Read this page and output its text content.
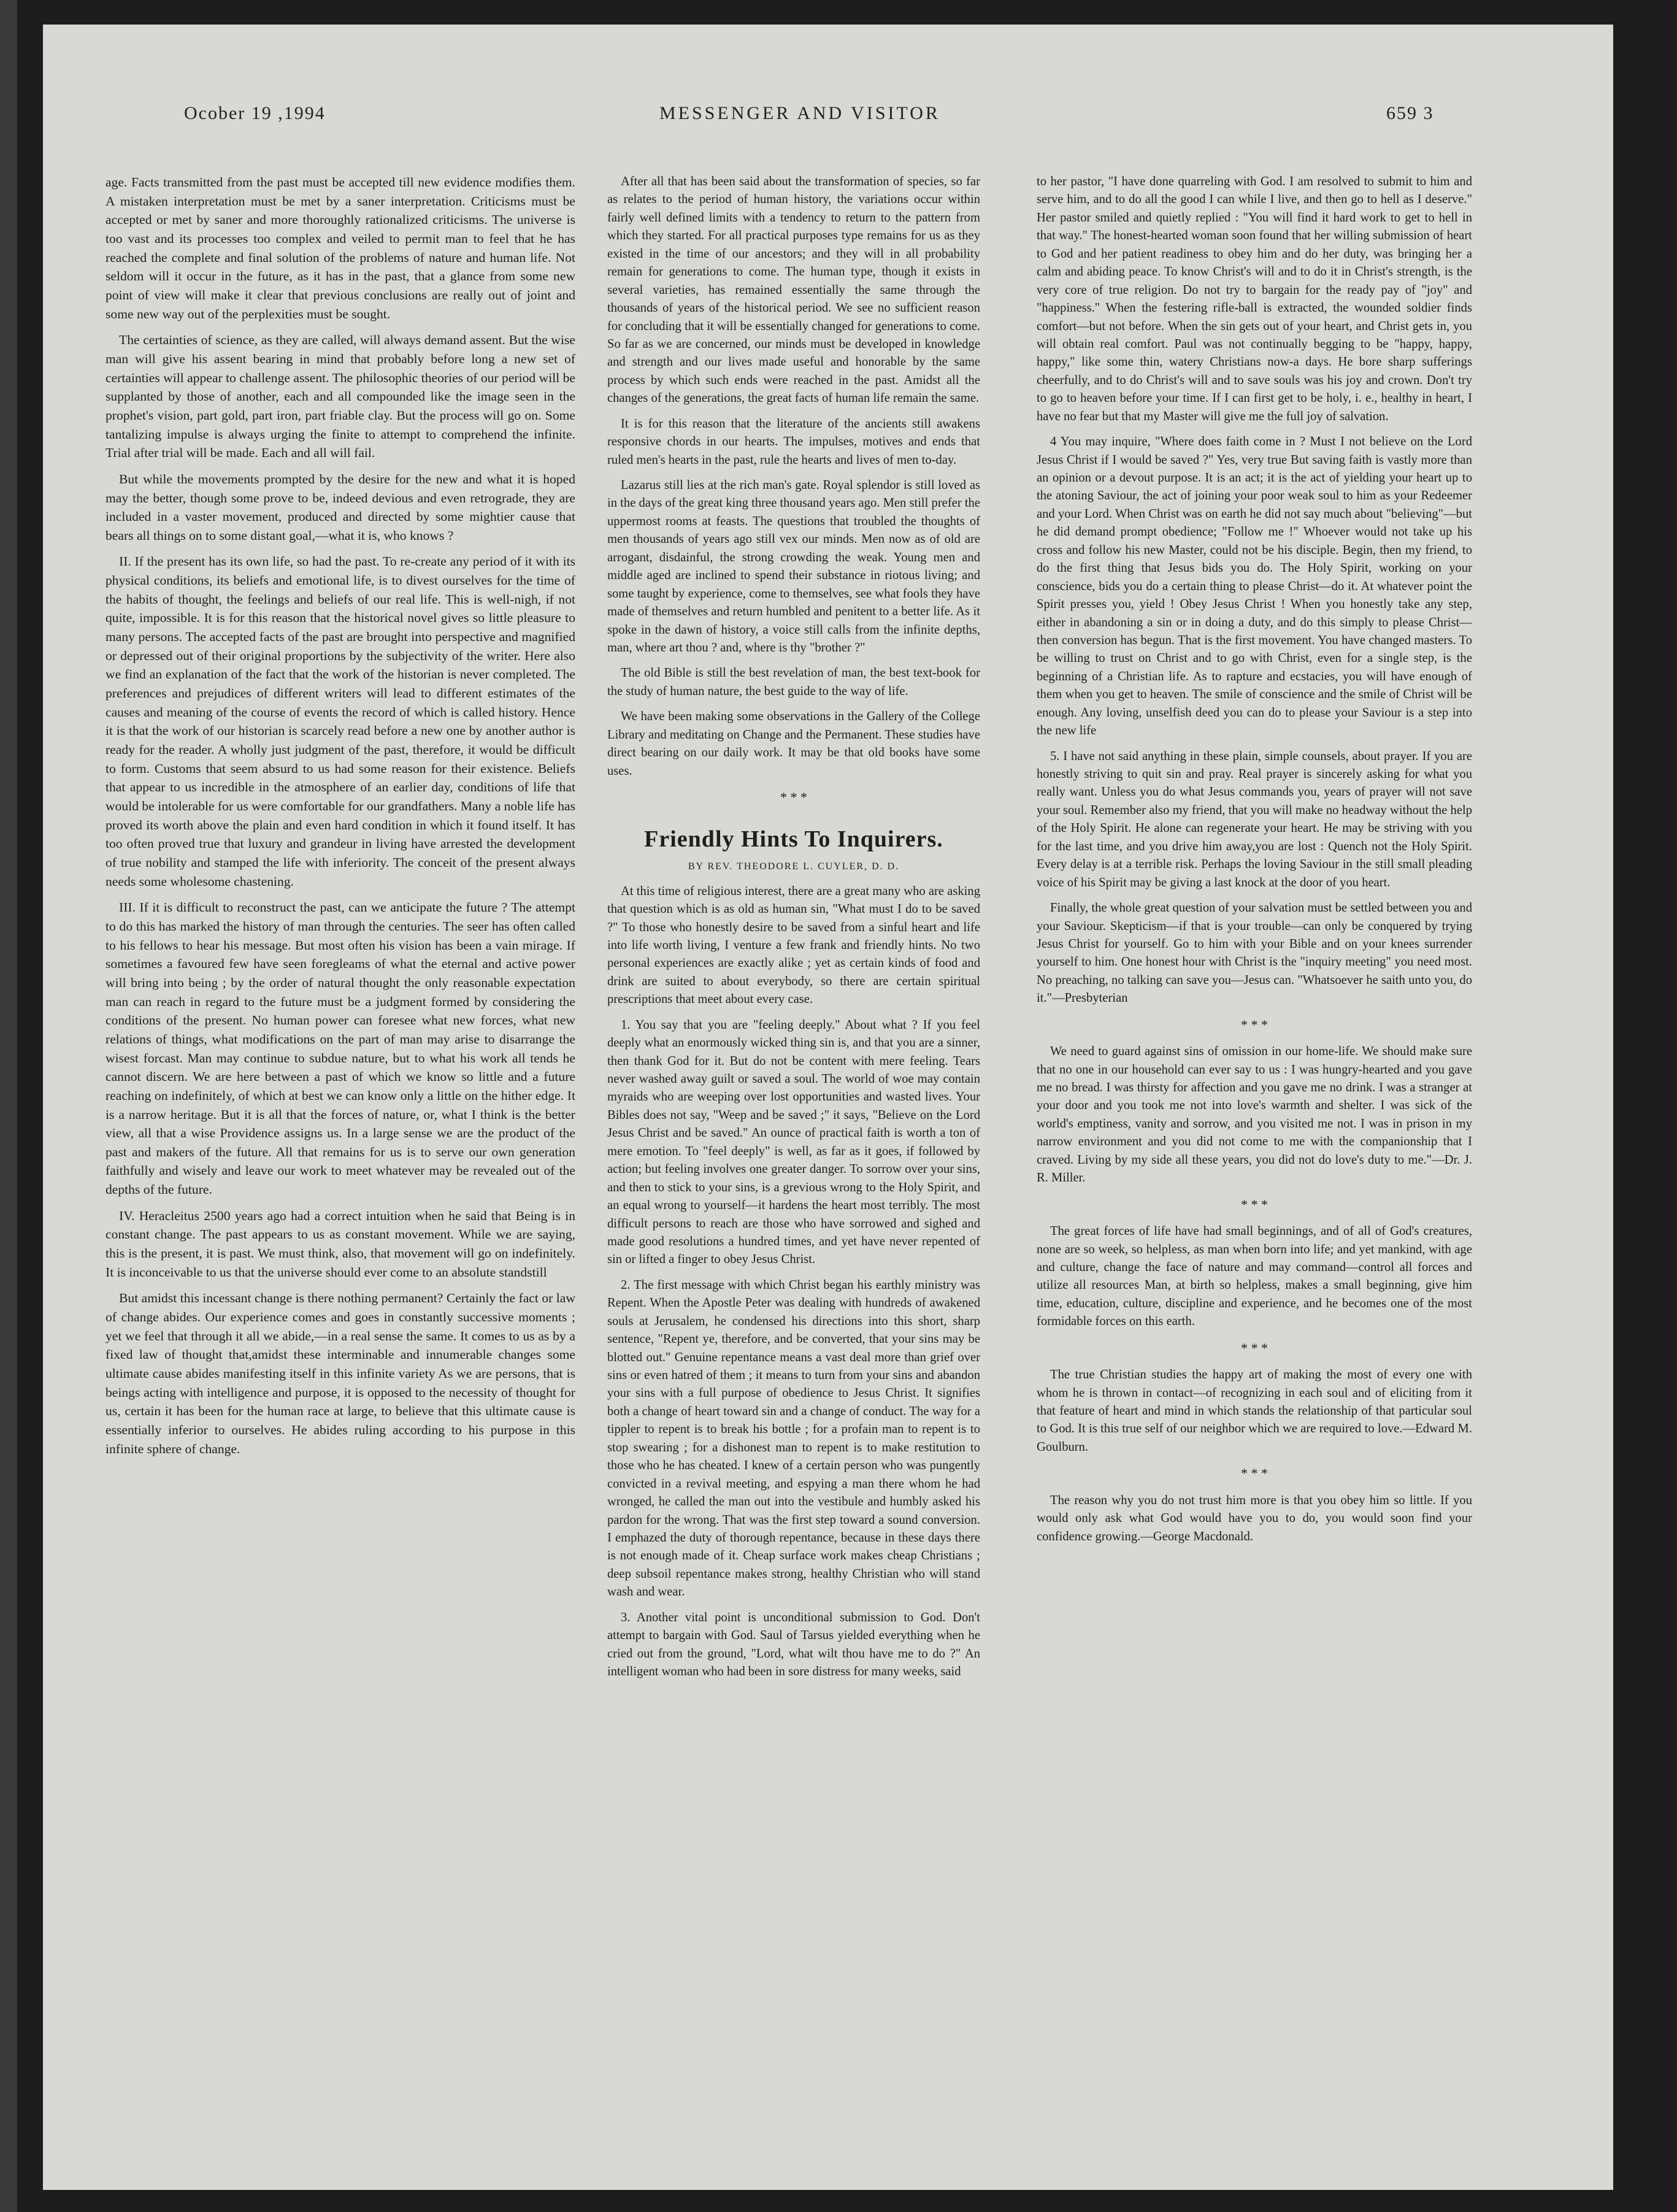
Ocober 19 ,1994	MESSENGER AND VISITOR	659 3

age. Facts transmitted from the past must be accepted till new evidence modifies them. A mistaken interpretation must be met by a saner interpretation. Criticisms must be accepted or met by saner and more thoroughly rationalized criticisms. The universe is too vast and its processes too complex and veiled to permit man to feel that he has reached the complete and final solution of the problems of nature and human life. Not seldom will it occur in the future, as it has in the past, that a glance from some new point of view will make it clear that previous conclusions are really out of joint and some new way out of the perplexities must be sought.

The certainties of science, as they are called, will always demand assent. But the wise man will give his assent bearing in mind that probably before long a new set of certainties will appear to challenge assent. The philosophic theories of our period will be supplanted by those of another, each and all compounded like the image seen in the prophet's vision, part gold, part iron, part friable clay. But the process will go on. Some tantalizing impulse is always urging the finite to attempt to comprehend the infinite. Trial after trial will be made. Each and all will fail.

But while the movements prompted by the desire for the new and what it is hoped may the better, though some prove to be, indeed devious and even retrograde, they are included in a vaster movement, produced and directed by some mightier cause that bears all things on to some distant goal,—what it is, who knows ?

II. If the present has its own life, so had the past. To re-create any period of it with its physical conditions, its beliefs and emotional life, is to divest ourselves for the time of the habits of thought, the feelings and beliefs of our real life. This is well-nigh, if not quite, impossible. It is for this reason that the historical novel gives so little pleasure to many persons. The accepted facts of the past are brought into perspective and magnified or depressed out of their original proportions by the subjectivity of the writer. Here also we find an explanation of the fact that the work of the historian is never completed. The preferences and prejudices of different writers will lead to different estimates of the causes and meaning of the course of events the record of which is called history. Hence it is that the work of our historian is scarcely read before a new one by another author is ready for the reader. A wholly just judgment of the past, therefore, it would be difficult to form. Customs that seem absurd to us had some reason for their existence. Beliefs that appear to us incredible in the atmosphere of an earlier day, conditions of life that would be intolerable for us were comfortable for our grandfathers. Many a noble life has proved its worth above the plain and even hard condition in which it found itself. It has too often proved true that luxury and grandeur in living have arrested the development of true nobility and stamped the life with inferiority. The conceit of the present always needs some wholesome chastening.

III. If it is difficult to reconstruct the past, can we anticipate the future ? The attempt to do this has marked the history of man through the centuries. The seer has often called to his fellows to hear his message. But most often his vision has been a vain mirage. If sometimes a favoured few have seen foregleams of what the eternal and active power will bring into being ; by the order of natural thought the only reasonable expectation man can reach in regard to the future must be a judgment formed by considering the conditions of the present. No human power can foresee what new forces, what new relations of things, what modifications on the part of man may arise to disarrange the wisest forcast. Man may continue to subdue nature, but to what his work all tends he cannot discern. We are here between a past of which we know so little and a future reaching on indefinitely, of which at best we can know only a little on the hither edge. It is a narrow heritage. But it is all that the forces of nature, or, what I think is the better view, all that a wise Providence assigns us. In a large sense we are the product of the past and makers of the future. All that remains for us is to serve our own generation faithfully and wisely and leave our work to meet whatever may be revealed out of the depths of the future.

IV. Heracleitus 2500 years ago had a correct intuition when he said that Being is in constant change. The past appears to us as constant movement. While we are saying, this is the present, it is past. We must think, also, that movement will go on indefinitely. It is inconceivable to us that the universe should ever come to an absolute standstill

But amidst this incessant change is there nothing permanent? Certainly the fact or law of change abides. Our experience comes and goes in constantly successive moments ; yet we feel that through it all we abide,—in a real sense the same. It comes to us as by a fixed law of thought that,amidst these interminable and innumerable changes some ultimate cause abides manifesting itself in this infinite variety As we are persons, that is beings acting with intelligence and purpose, it is opposed to the necessity of thought for us, certain it has been for the human race at large, to believe that this ultimate cause is essentially inferior to ourselves. He abides ruling according to his purpose in this infinite sphere of change.

After all that has been said about the transformation of species, so far as relates to the period of human history, the variations occur within fairly well defined limits with a tendency to return to the pattern from which they started. For all practical purposes type remains for us as they existed in the time of our ancestors; and they will in all probability remain for generations to come. The human type, though it exists in several varieties, has remained essentially the same through the thousands of years of the historical period. We see no sufficient reason for concluding that it will be essentially changed for generations to come. So far as we are concerned, our minds must be developed in knowledge and strength and our lives made useful and honorable by the same process by which such ends were reached in the past. Amidst all the changes of the generations, the great facts of human life remain the same.

It is for this reason that the literature of the ancients still awakens responsive chords in our hearts. The impulses, motives and ends that ruled men's hearts in the past, rule the hearts and lives of men to-day.

Lazarus still lies at the rich man's gate. Royal splendor is still loved as in the days of the great king three thousand years ago. Men still prefer the uppermost rooms at feasts. The questions that troubled the thoughts of men thousands of years ago still vex our minds. Men now as of old are arrogant, disdainful, the strong crowding the weak. Young men and middle aged are inclined to spend their substance in riotous living; and some taught by experience, come to themselves, see what fools they have made of themselves and return humbled and penitent to a better life. As it spoke in the dawn of history, a voice still calls from the infinite depths, man, where art thou ? and, where is thy "brother ?"

The old Bible is still the best revelation of man, the best text-book for the study of human nature, the best guide to the way of life.

We have been making some observations in the Gallery of the College Library and meditating on Change and the Permanent. These studies have direct bearing on our daily work. It may be that old books have some uses.

* * *
Friendly Hints To Inquirers.
BY REV. THEODORE L. CUYLER, D. D.

At this time of religious interest, there are a great many who are asking that question which is as old as human sin, "What must I do to be saved ?" To those who honestly desire to be saved from a sinful heart and life into life worth living, I venture a few frank and friendly hints. No two personal experiences are exactly alike ; yet as certain kinds of food and drink are suited to about everybody, so there are certain spiritual prescriptions that meet about every case.

1. You say that you are "feeling deeply." About what ? If you feel deeply what an enormously wicked thing sin is, and that you are a sinner, then thank God for it. But do not be content with mere feeling. Tears never washed away guilt or saved a soul. The world of woe may contain myraids who are weeping over lost opportunities and wasted lives. Your Bibles does not say, "Weep and be saved ;" it says, "Believe on the Lord Jesus Christ and be saved." An ounce of practical faith is worth a ton of mere emotion. To "feel deeply" is well, as far as it goes, if followed by action; but feeling involves one greater danger. To sorrow over your sins, and then to stick to your sins, is a grevious wrong to the Holy Spirit, and an equal wrong to yourself—it hardens the heart most terribly. The most difficult persons to reach are those who have sorrowed and sighed and made good resolutions a hundred times, and yet have never repented of sin or lifted a finger to obey Jesus Christ.

2. The first message with which Christ began his earthly ministry was Repent. When the Apostle Peter was dealing with hundreds of awakened souls at Jerusalem, he condensed his directions into this short, sharp sentence, "Repent ye, therefore, and be converted, that your sins may be blotted out." Genuine repentance means a vast deal more than grief over sins or even hatred of them ; it means to turn from your sins and abandon your sins with a full purpose of obedience to Jesus Christ. It signifies both a change of heart toward sin and a change of conduct. The way for a tippler to repent is to break his bottle ; for a profain man to repent is to stop swearing ; for a dishonest man to repent is to make restitution to those who he has cheated. I knew of a certain person who was pungently convicted in a revival meeting, and espying a man there whom he had wronged, he called the man out into the vestibule and humbly asked his pardon for the wrong. That was the first step toward a sound conversion. I emphazed the duty of thorough repentance, because in these days there is not enough made of it. Cheap surface work makes cheap Christians ; deep subsoil repentance makes strong, healthy Christian who will stand wash and wear.

3. Another vital point is unconditional submission to God. Don't attempt to bargain with God. Saul of Tarsus yielded everything when he cried out from the ground, "Lord, what wilt thou have me to do ?" An intelligent woman who had been in sore distress for many weeks, said

to her pastor, "I have done quarreling with God. I am resolved to submit to him and serve him, and to do all the good I can while I live, and then go to hell as I deserve." Her pastor smiled and quietly replied : "You will find it hard work to get to hell in that way." The honest-hearted woman soon found that her willing submission of heart to God and her patient readiness to obey him and do her duty, was bringing her a calm and abiding peace. To know Christ's will and to do it in Christ's strength, is the very core of true religion. Do not try to bargain for the ready pay of "joy" and "happiness." When the festering rifle-ball is extracted, the wounded soldier finds comfort—but not before. When the sin gets out of your heart, and Christ gets in, you will obtain real comfort. Paul was not continually begging to be "happy, happy, happy," like some thin, watery Christians now-a days. He bore sharp sufferings cheerfully, and to do Christ's will and to save souls was his joy and crown. Don't try to go to heaven before your time. If I can first get to be holy, i. e., healthy in heart, I have no fear but that my Master will give me the full joy of salvation.

4 You may inquire, "Where does faith come in ? Must I not believe on the Lord Jesus Christ if I would be saved ?" Yes, very true But saving faith is vastly more than an opinion or a devout purpose. It is an act; it is the act of yielding your heart up to the atoning Saviour, the act of joining your poor weak soul to him as your Redeemer and your Lord. When Christ was on earth he did not say much about "believing"—but he did demand prompt obedience; "Follow me !" Whoever would not take up his cross and follow his new Master, could not be his disciple. Begin, then my friend, to do the first thing that Jesus bids you do. The Holy Spirit, working on your conscience, bids you do a certain thing to please Christ—do it. At whatever point the Spirit presses you, yield ! Obey Jesus Christ ! When you honestly take any step, either in abandoning a sin or in doing a duty, and do this simply to please Christ—then conversion has begun. That is the first movement. You have changed masters. To be willing to trust on Christ and to go with Christ, even for a single step, is the beginning of a Christian life. As to rapture and ecstacies, you will have enough of them when you get to heaven. The smile of conscience and the smile of Christ will be enough. Any loving, unselfish deed you can do to please your Saviour is a step into the new life

5. I have not said anything in these plain, simple counsels, about prayer. If you are honestly striving to quit sin and pray. Real prayer is sincerely asking for what you really want. Unless you do what Jesus commands you, years of prayer will not save your soul. Remember also my friend, that you will make no headway without the help of the Holy Spirit. He alone can regenerate your heart. He may be striving with you for the last time, and you drive him away,you are lost : Quench not the Holy Spirit. Every delay is at a terrible risk. Perhaps the loving Saviour in the still small pleading voice of his Spirit may be giving a last knock at the door of you heart.

Finally, the whole great question of your salvation must be settled between you and your Saviour. Skepticism—if that is your trouble—can only be conquered by trying Jesus Christ for yourself. Go to him with your Bible and on your knees surrender yourself to him. One honest hour with Christ is the "inquiry meeting" you need most. No preaching, no talking can save you—Jesus can. "Whatsoever he saith unto you, do it."—Presbyterian

* * *

We need to guard against sins of omission in our home-life. We should make sure that no one in our household can ever say to us : I was hungry-hearted and you gave me no bread. I was thirsty for affection and you gave me no drink. I was a stranger at your door and you took me not into love's warmth and shelter. I was sick of the world's emptiness, vanity and sorrow, and you visited me not. I was in prison in my narrow environment and you did not come to me with the companionship that I craved. Living by my side all these years, you did not do love's duty to me."—Dr. J. R. Miller.

* * *

The great forces of life have had small beginnings, and of all of God's creatures, none are so week, so helpless, as man when born into life; and yet mankind, with age and culture, change the face of nature and may command—control all forces and utilize all resources Man, at birth so helpless, makes a small beginning, give him time, education, culture, discipline and experience, and he becomes one of the most formidable forces on this earth.

* * *

The true Christian studies the happy art of making the most of every one with whom he is thrown in contact—of recognizing in each soul and of eliciting from it that feature of heart and mind in which stands the relationship of that particular soul to God. It is this true self of our neighbor which we are required to love.—Edward M. Goulburn.

* * *

The reason why you do not trust him more is that you obey him so little. If you would only ask what God would have you to do, you would soon find your confidence growing.—George Macdonald.
